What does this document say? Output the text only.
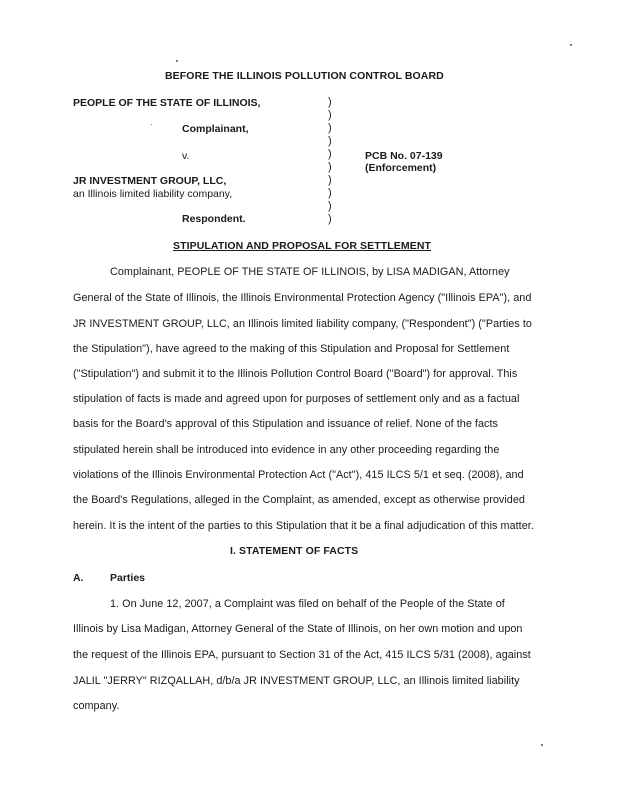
BEFORE THE ILLINOIS POLLUTION CONTROL BOARD
PEOPLE OF THE STATE OF ILLINOIS,
Complainant,
v.
JR INVESTMENT GROUP, LLC,
an Illinois limited liability company,
Respondent.
)
)
)
)
)
)
)
)
)
)
PCB No. 07-139
(Enforcement)
STIPULATION AND PROPOSAL FOR SETTLEMENT
Complainant, PEOPLE OF THE STATE OF ILLINOIS, by LISA MADIGAN, Attorney
General of the State of Illinois, the Illinois Environmental Protection Agency ("Illinois EPA"), and
JR INVESTMENT GROUP, LLC, an Illinois limited liability company, ("Respondent") ("Parties to
the Stipulation"), have agreed to the making of this Stipulation and Proposal for Settlement
("Stipulation") and submit it to the Illinois Pollution Control Board ("Board") for approval. This
stipulation of facts is made and agreed upon for purposes of settlement only and as a factual
basis for the Board's approval of this Stipulation and issuance of relief. None of the facts
stipulated herein shall be introduced into evidence in any other proceeding regarding the
violations of the Illinois Environmental Protection Act ("Act"), 415 ILCS 5/1 et seq. (2008), and
the Board's Regulations, alleged in the Complaint, as amended, except as otherwise provided
herein. It is the intent of the parties to this Stipulation that it be a final adjudication of this matter.
I. STATEMENT OF FACTS
A.	Parties
1. On June 12, 2007, a Complaint was filed on behalf of the People of the State of
Illinois by Lisa Madigan, Attorney General of the State of Illinois, on her own motion and upon
the request of the Illinois EPA, pursuant to Section 31 of the Act, 415 ILCS 5/31 (2008), against
JALIL "JERRY" RIZQALLAH, d/b/a JR INVESTMENT GROUP, LLC, an Illinois limited liability
company.
